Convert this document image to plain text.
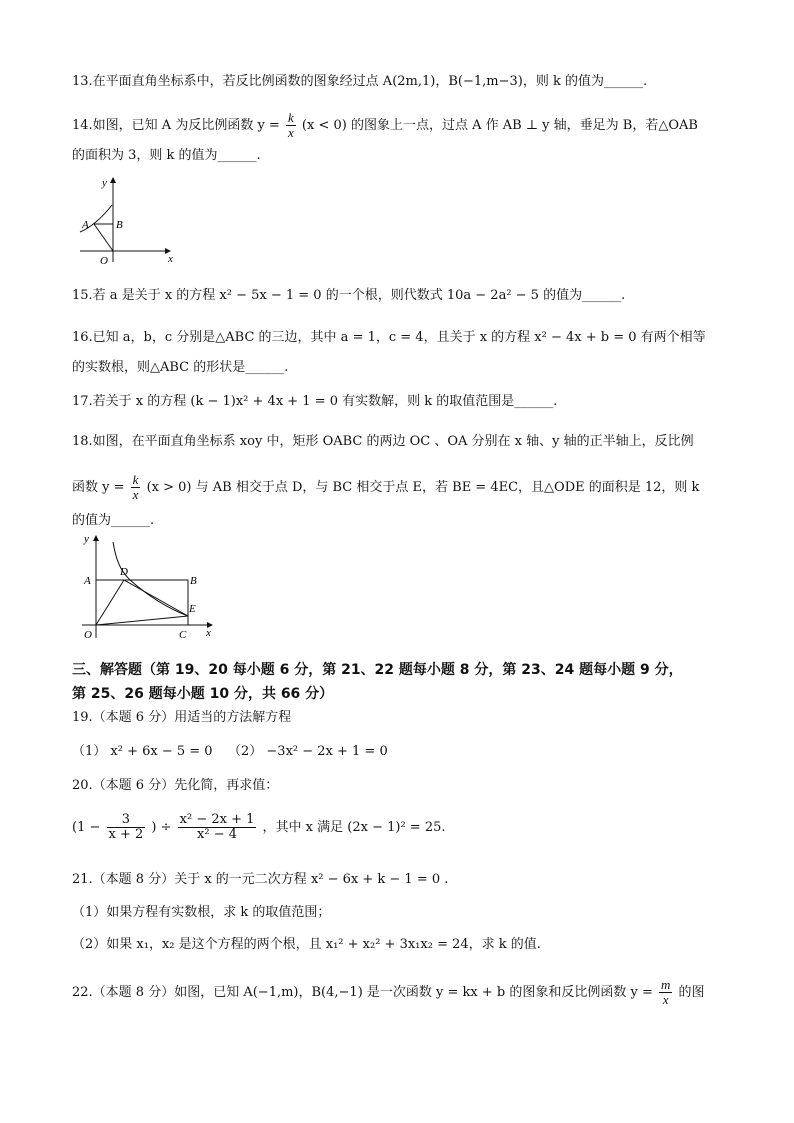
13.在平面直角坐标系中，若反比例函数的图象经过点 A(2m,1)，B(−1,m−3)，则 k 的值为______.
14.如图，已知 A 为反比例函数 $y = \frac{k}{x} (x < 0)$ 的图象上一点，过点 A 作 AB ⊥ y 轴，垂足为 B，若△OAB
的面积为 3，则 k 的值为______.
y
x
A B
O
15.若 a 是关于 x 的方程 x² − 5x − 1 = 0 的一个根，则代数式 10a − 2a² − 5 的值为______.
16.已知 a，b，c 分别是△ABC 的三边，其中 a = 1，c = 4，且关于 x 的方程 x² − 4x + b = 0 有两个相等
的实数根，则△ABC 的形状是______.
17.若关于 x 的方程 (k − 1)x² + 4x + 1 = 0 有实数解，则 k 的取值范围是______.
18.如图，在平面直角坐标系 xoy 中，矩形 OABC 的两边 OC 、OA 分别在 x 轴、y 轴的正半轴上，反比例
函数 $y = \frac{k}{x} (x > 0)$ 与 AB 相交于点 D，与 BC 相交于点 E，若 BE = 4EC，且△ODE 的面积是 12，则 k
的值为______.
y
x
A	B
D
E
O	C
三、解答题（第 19、20 每小题 6 分，第 21、22 题每小题 8 分，第 23、24 题每小题 9 分，
第 25、26 题每小题 10 分，共 66 分）
19.（本题 6 分）用适当的方法解方程
（1） x² + 6x − 5 = 0 （2） −3x² − 2x + 1 = 0
20.（本题 6 分）先化简，再求值：
($1 - \frac{3}{x + 2}$ ) ÷ $\frac{\text{x² − 2x + 1}}{\text{x² − 4}}$ ，其中 x 满足 (2x − 1)² = 25.
21.（本题 8 分）关于 x 的一元二次方程 x² − 6x + k − 1 = 0 .
（1）如果方程有实数根，求 k 的取值范围；
（2）如果 x₁，x₂ 是这个方程的两个根，且 x₁² + x₂² + 3x₁x₂ = 24，求 k 的值.
22.（本题 8 分）如图，已知 A(−1,m)，B(4,−1) 是一次函数 y = kx + b 的图象和反比例函数 $y = \frac{m}{x}$ 的图
